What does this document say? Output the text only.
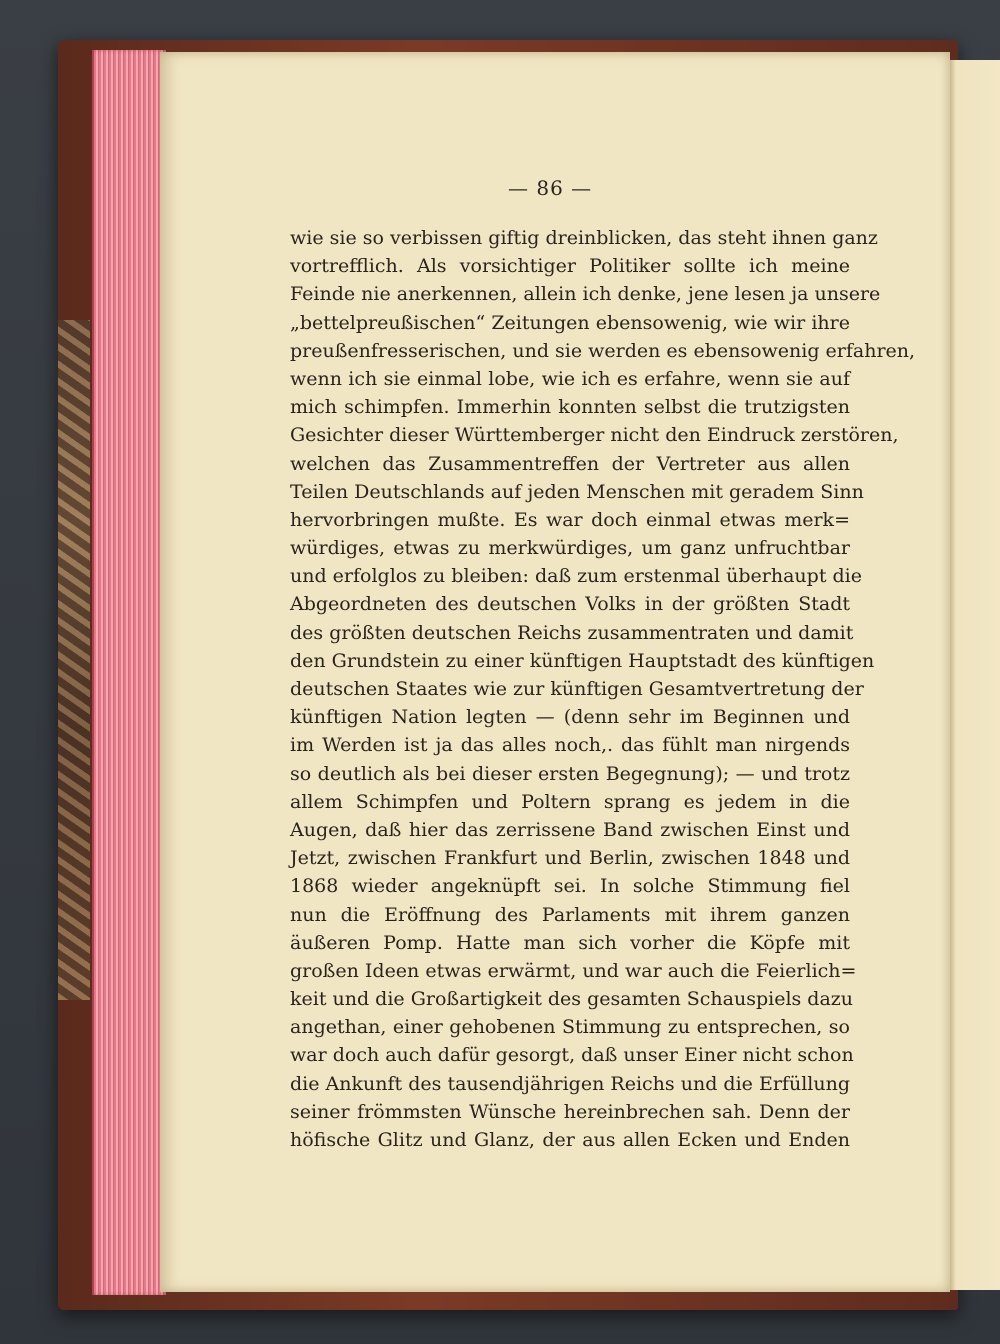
— 86 —
wie sie so verbissen giftig dreinblicken, das steht ihnen ganz
vortrefflich. Als vorsichtiger Politiker sollte ich meine
Feinde nie anerkennen, allein ich denke, jene lesen ja unsere
„bettelpreußischen“ Zeitungen ebensowenig, wie wir ihre
preußenfresserischen, und sie werden es ebensowenig erfahren,
wenn ich sie einmal lobe, wie ich es erfahre, wenn sie auf
mich schimpfen. Immerhin konnten selbst die trutzigsten
Gesichter dieser Württemberger nicht den Eindruck zerstören,
welchen das Zusammentreffen der Vertreter aus allen
Teilen Deutschlands auf jeden Menschen mit geradem Sinn
hervorbringen mußte. Es war doch einmal etwas merk=
würdiges, etwas zu merkwürdiges, um ganz unfruchtbar
und erfolglos zu bleiben: daß zum erstenmal überhaupt die
Abgeordneten des deutschen Volks in der größten Stadt
des größten deutschen Reichs zusammentraten und damit
den Grundstein zu einer künftigen Hauptstadt des künftigen
deutschen Staates wie zur künftigen Gesamtvertretung der
künftigen Nation legten — (denn sehr im Beginnen und
im Werden ist ja das alles noch,. das fühlt man nirgends
so deutlich als bei dieser ersten Begegnung); — und trotz
allem Schimpfen und Poltern sprang es jedem in die
Augen, daß hier das zerrissene Band zwischen Einst und
Jetzt, zwischen Frankfurt und Berlin, zwischen 1848 und
1868 wieder angeknüpft sei. In solche Stimmung fiel
nun die Eröffnung des Parlaments mit ihrem ganzen
äußeren Pomp. Hatte man sich vorher die Köpfe mit
großen Ideen etwas erwärmt, und war auch die Feierlich=
keit und die Großartigkeit des gesamten Schauspiels dazu
angethan, einer gehobenen Stimmung zu entsprechen, so
war doch auch dafür gesorgt, daß unser Einer nicht schon
die Ankunft des tausendjährigen Reichs und die Erfüllung
seiner frömmsten Wünsche hereinbrechen sah. Denn der
höfische Glitz und Glanz, der aus allen Ecken und Enden
